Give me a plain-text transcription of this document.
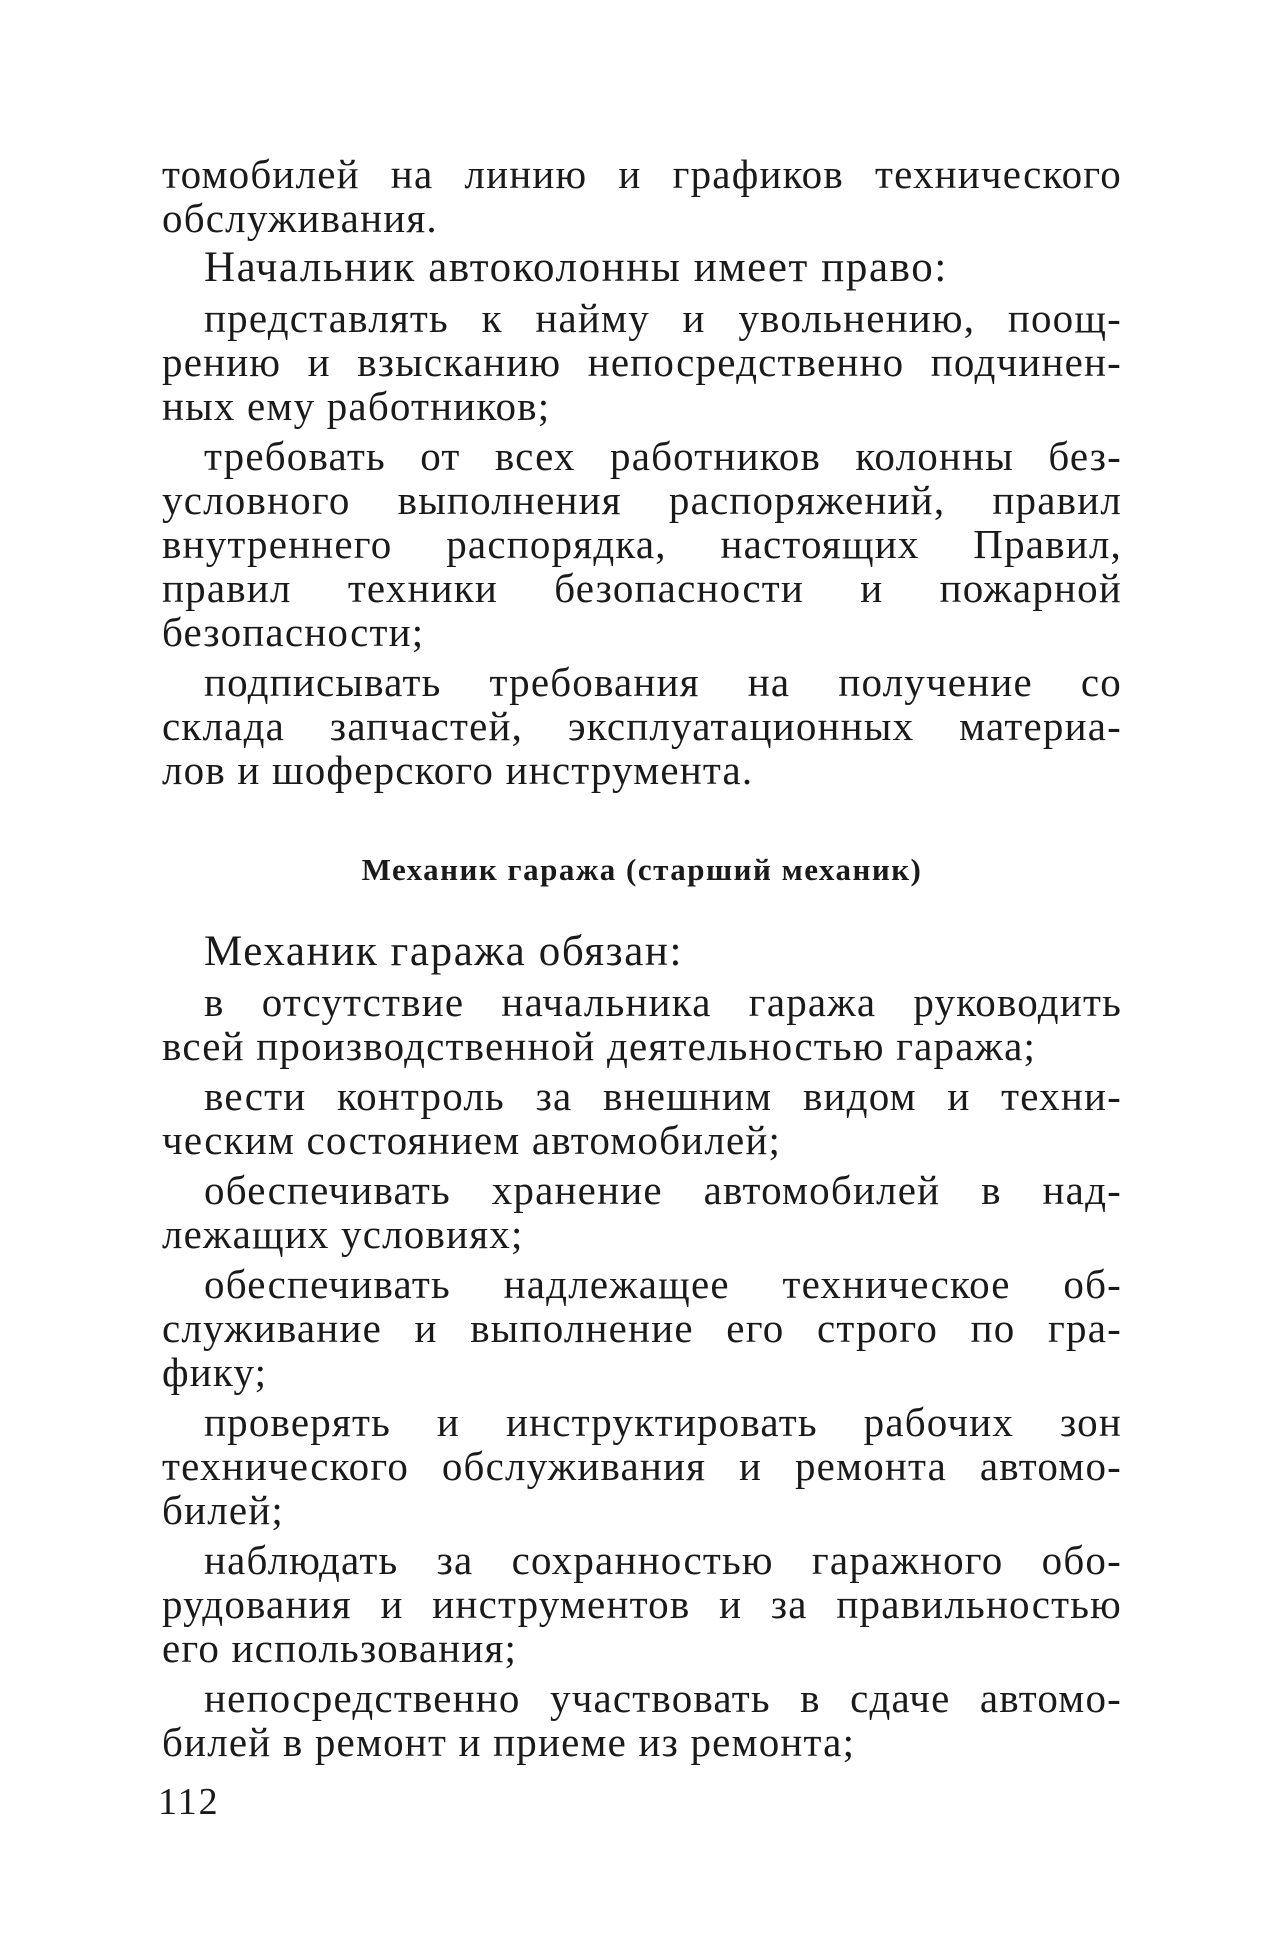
томобилей на линию и графиков технического
обслуживания.

Начальник автоколонны имеет право:

представлять к найму и увольнению, поощ-
рению и взысканию непосредственно подчинен-
ных ему работников;

требовать от всех работников колонны без-
условного выполнения распоряжений, правил
внутреннего распорядка, настоящих Правил,
правил техники безопасности и пожарной
безопасности;

подписывать требования на получение со
склада запчастей, эксплуатационных материа-
лов и шоферского инструмента.

Механик гаража (старший механик)

Механик гаража обязан:

в отсутствие начальника гаража руководить
всей производственной деятельностью гаража;

вести контроль за внешним видом и техни-
ческим состоянием автомобилей;

обеспечивать хранение автомобилей в над-
лежащих условиях;

обеспечивать надлежащее техническое об-
служивание и выполнение его строго по гра-
фику;

проверять и инструктировать рабочих зон
технического обслуживания и ремонта автомо-
билей;

наблюдать за сохранностью гаражного обо-
рудования и инструментов и за правильностью
его использования;

непосредственно участвовать в сдаче автомо-
билей в ремонт и приеме из ремонта;

112
